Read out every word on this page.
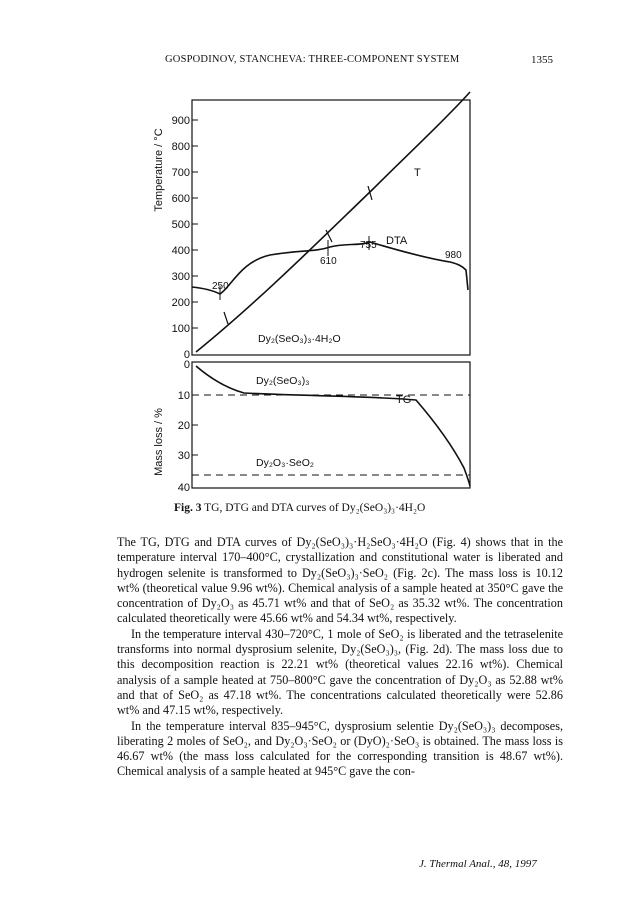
GOSPODINOV, STANCHEVA: THREE-COMPONENT SYSTEM	1355
900
800
700
600
500
400
300
200
100
0
Temperature / °C	T
DTA
TG
250
610
755
980
Dy₂(SeO₃)₃·4H₂O
Dy₂(SeO₃)₃
Dy₂O₃·SeO₂
0
10
20
30
40
Mass loss / %
Fig. 3 TG, DTG and DTA curves of Dy₂(SeO₃)₃·4H₂O

The TG, DTG and DTA curves of Dy₂(SeO₃)₃·H₂SeO₃·4H₂O (Fig. 4) shows that in the temperature interval 170–400°C, crystallization and constitutional water is liberated and hydrogen selenite is transformed to Dy₂(SeO₃)₃·SeO₂ (Fig. 2c). The mass loss is 10.12 wt% (theoretical value 9.96 wt%). Chemical analysis of a sample heated at 350°C gave the concentration of Dy₂O₃ as 45.71 wt% and that of SeO₂ as 35.32 wt%. The concentration calculated theoretically were 45.66 wt% and 54.34 wt%, respectively.

In the temperature interval 430–720°C, 1 mole of SeO₂ is liberated and the tetraselenite transforms into normal dysprosium selenite, Dy₂(SeO₃)₃, (Fig. 2d). The mass loss due to this decomposition reaction is 22.21 wt% (theoretical values 22.16 wt%). Chemical analysis of a sample heated at 750–800°C gave the concentration of Dy₂O₃ as 52.88 wt% and that of SeO₂ as 47.18 wt%. The concentrations calculated theoretically were 52.86 wt% and 47.15 wt%, respectively.

In the temperature interval 835–945°C, dysprosium selentie Dy₂(SeO₃)₃ decomposes, liberating 2 moles of SeO₂, and Dy₂O₃·SeO₂ or (DyO)₂·SeO₃ is obtained. The mass loss is 46.67 wt% (the mass loss calculated for the corresponding transition is 48.67 wt%). Chemical analysis of a sample heated at 945°C gave the con-

J. Thermal Anal., 48, 1997
